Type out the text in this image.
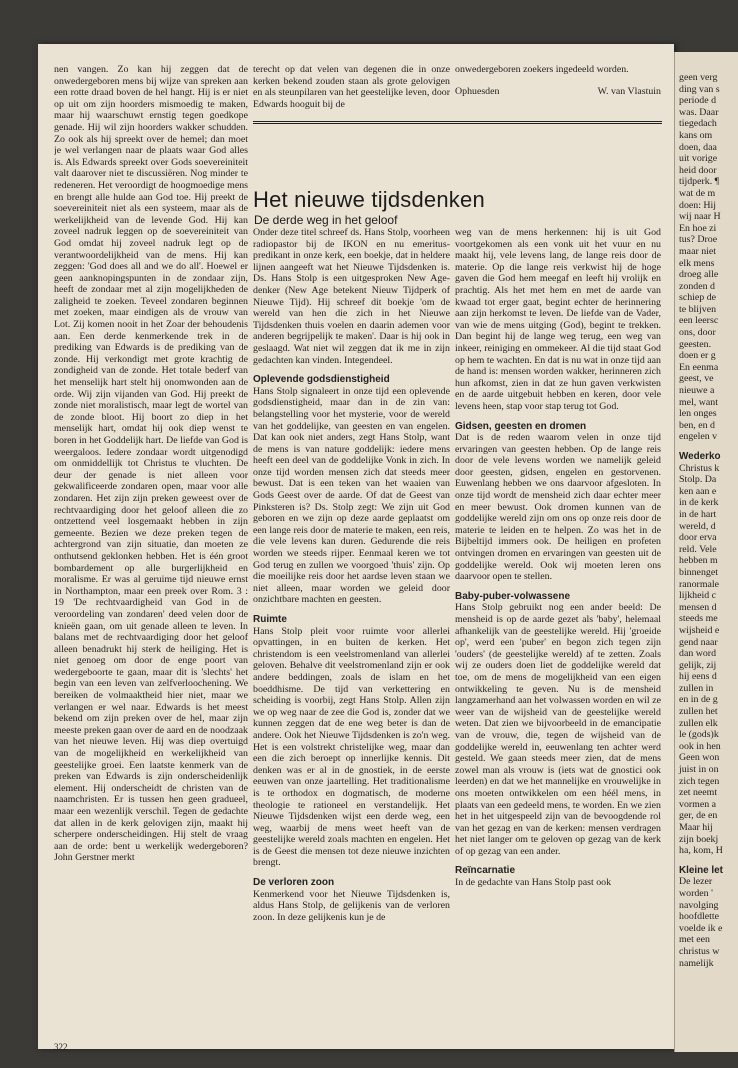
nen vangen. Zo kan hij zeggen dat de onwedergeboren mens bij wijze van spreken aan een rotte draad boven de hel hangt. Hij is er niet op uit om zijn hoorders mismoedig te maken, maar hij waarschuwt ernstig tegen goedkope genade. Hij wil zijn hoorders wakker schudden. Zo ook als hij spreekt over de hemel; dan moet je wel verlangen naar de plaats waar God alles is. Als Edwards spreekt over Gods soevereiniteit valt daarover niet te discussiëren. Nog minder te redeneren. Het veroordigt de hoogmoedige mens en brengt alle hulde aan God toe. Hij preekt de soevereiniteit niet als een systeem, maar als de werkelijkheid van de levende God. Hij kan zoveel nadruk leggen op de soevereiniteit van God omdat hij zoveel nadruk legt op de verantwoordelijkheid van de mens. Hij kan zeggen: 'God does all and we do all'. Hoewel er geen aanknopingspunten in de zondaar zijn, heeft de zondaar met al zijn mogelijkheden de zaligheid te zoeken. Teveel zondaren beginnen met zoeken, maar eindigen als de vrouw van Lot. Zij komen nooit in het Zoar der behoudenis aan. Een derde kenmerkende trek in de prediking van Edwards is de prediking van de zonde. Hij verkondigt met grote krachtig de zondigheid van de zonde. Het totale bederf van het menselijk hart stelt hij onomwonden aan de orde. Wij zijn vijanden van God. Hij preekt de zonde niet moralistisch, maar legt de wortel van de zonde bloot. Hij boort zo diep in het menselijk hart, omdat hij ook diep wenst te boren in het Goddelijk hart. De liefde van God is weergaloos. Iedere zondaar wordt uitgenodigd om onmiddellijk tot Christus te vluchten. De deur der genade is niet alleen voor gekwalificeerde zondaren open, maar voor alle zondaren. Het zijn zijn preken geweest over de rechtvaardiging door het geloof alleen die zo ontzettend veel losgemaakt hebben in zijn gemeente. Bezien we deze preken tegen de achtergrond van zijn situatie, dan moeten ze onthutsend geklonken hebben. Het is één groot bombardement op alle burgerlijkheid en moralisme. Er was al geruime tijd nieuwe ernst in Northampton, maar een preek over Rom. 3 : 19 'De rechtvaardigheid van God in de veroordeling van zondaren' deed velen door de knieën gaan, om uit genade alleen te leven. In balans met de rechtvaardiging door het geloof alleen benadrukt hij sterk de heiliging. Het is niet genoeg om door de enge poort van wedergeboorte te gaan, maar dit is 'slechts' het begin van een leven van zelfverloochening. We bereiken de volmaaktheid hier niet, maar we verlangen er wel naar. Edwards is het meest bekend om zijn preken over de hel, maar zijn meeste preken gaan over de aard en de noodzaak van het nieuwe leven. Hij was diep overtuigd van de mogelijkheid en werkelijkheid van geestelijke groei. Een laatste kenmerk van de preken van Edwards is zijn onderscheidenlijk element. Hij onderscheidt de christen van de naamchristen. Er is tussen hen geen gradueel, maar een wezenlijk verschil. Tegen de gedachte dat allen in de kerk gelovigen zijn, maakt hij scherpere onderscheidingen. Hij stelt de vraag aan de orde: bent u werkelijk wedergeboren? John Gerstner merkt

terecht op dat velen van degenen die in onze kerken bekend zouden staan als grote gelovigen en als steunpilaren van het geestelijke leven, door Edwards hooguit bij de

onwedergeboren zoekers ingedeeld worden.

Ophuesden	W. van Vlastuin

Het nieuwe tijdsdenken
De derde weg in het geloof

Onder deze titel schreef ds. Hans Stolp, voorheen radiopastor bij de IKON en nu emeritus-predikant in onze kerk, een boekje, dat in heldere lijnen aangeeft wat het Nieuwe Tijdsdenken is. Ds. Hans Stolp is een uitgesproken New Age-denker (New Age betekent Nieuw Tijdperk of Nieuwe Tijd). Hij schreef dit boekje 'om de wereld van hen die zich in het Nieuwe Tijdsdenken thuis voelen en daarin ademen voor anderen begrijpelijk te maken'. Daar is hij ook in geslaagd. Wat niet wil zeggen dat ik me in zijn gedachten kan vinden. Integendeel.

Oplevende godsdienstigheid

Hans Stolp signaleert in onze tijd een oplevende godsdienstigheid, maar dan in de zin van: belangstelling voor het mysterie, voor de wereld van het goddelijke, van geesten en van engelen. Dat kan ook niet anders, zegt Hans Stolp, want de mens is van nature goddelijk: iedere mens heeft een deel van de goddelijke Vonk in zich. In onze tijd worden mensen zich dat steeds meer bewust. Dat is een teken van het waaien van Gods Geest over de aarde. Of dat de Geest van Pinksteren is? Ds. Stolp zegt: We zijn uit God geboren en we zijn op deze aarde geplaatst om een lange reis door de materie te maken, een reis, die vele levens kan duren. Gedurende die reis worden we steeds rijper. Eenmaal keren we tot God terug en zullen we voorgoed 'thuis' zijn. Op die moeilijke reis door het aardse leven staan we niet alleen, maar worden we geleid door onzichtbare machten en geesten.

Ruimte

Hans Stolp pleit voor ruimte voor allerlei opvattingen, in en buiten de kerken. Het christendom is een veelstromenland van allerlei geloven. Behalve dit veelstromenland zijn er ook andere beddingen, zoals de islam en het boeddhisme. De tijd van verkettering en scheiding is voorbij, zegt Hans Stolp. Allen zijn we op weg naar de zee die God is, zonder dat we kunnen zeggen dat de ene weg beter is dan de andere. Ook het Nieuwe Tijdsdenken is zo'n weg. Het is een volstrekt christelijke weg, maar dan een die zich beroept op innerlijke kennis. Dit denken was er al in de gnostiek, in de eerste eeuwen van onze jaartelling. Het traditionalisme is te orthodox en dogmatisch, de moderne theologie te rationeel en verstandelijk. Het Nieuwe Tijdsdenken wijst een derde weg, een weg, waarbij de mens weet heeft van de geestelijke wereld zoals machten en engelen. Het is de Geest die mensen tot deze nieuwe inzichten brengt.

De verloren zoon

Kenmerkend voor het Nieuwe Tijdsdenken is, aldus Hans Stolp, de gelijkenis van de verloren zoon. In deze gelijkenis kun je de

weg van de mens herkennen: hij is uit God voortgekomen als een vonk uit het vuur en nu maakt hij, vele levens lang, de lange reis door de materie. Op die lange reis verkwist hij de hoge gaven die God hem meegaf en leeft hij vrolijk en prachtig. Als het met hem en met de aarde van kwaad tot erger gaat, begint echter de herinnering aan zijn herkomst te leven. De liefde van de Vader, van wie de mens uitging (God), begint te trekken. Dan begint hij de lange weg terug, een weg van inkeer, reiniging en ommekeer. Al die tijd staat God op hem te wachten. En dat is nu wat in onze tijd aan de hand is: mensen worden wakker, herinneren zich hun afkomst, zien in dat ze hun gaven verkwisten en de aarde uitgebuit hebben en keren, door vele levens heen, stap voor stap terug tot God.

Gidsen, geesten en dromen

Dat is de reden waarom velen in onze tijd ervaringen van geesten hebben. Op de lange reis door de vele levens worden we namelijk geleid door geesten, gidsen, engelen en gestorvenen. Euwenlang hebben we ons daarvoor afgesloten. In onze tijd wordt de mensheid zich daar echter meer en meer bewust. Ook dromen kunnen van de goddelijke wereld zijn om ons op onze reis door de materie te leiden en te helpen. Zo was het in de Bijbeltijd immers ook. De heiligen en profeten ontvingen dromen en ervaringen van geesten uit de goddelijke wereld. Ook wij moeten leren ons daarvoor open te stellen.

Baby-puber-volwassene

Hans Stolp gebruikt nog een ander beeld: De mensheid is op de aarde gezet als 'baby', helemaal afhankelijk van de geestelijke wereld. Hij 'groeide op', werd een 'puber' en begon zich tegen zijn 'ouders' (de geestelijke wereld) af te zetten. Zoals wij ze ouders doen liet de goddelijke wereld dat toe, om de mens de mogelijkheid van een eigen ontwikkeling te geven. Nu is de mensheid langzamerhand aan het volwassen worden en wil ze weer van de wijsheid van de geestelijke wereld weten. Dat zien we bijvoorbeeld in de emancipatie van de vrouw, die, tegen de wijsheid van de goddelijke wereld in, eeuwenlang ten achter werd gesteld. We gaan steeds meer zien, dat de mens zowel man als vrouw is (iets wat de gnostici ook leerden) en dat we het mannelijke en vrouwelijke in ons moeten ontwikkelen om een héél mens, in plaats van een gedeeld mens, te worden. En we zien het in het uitgespeeld zijn van de bevoogdende rol van het gezag en van de kerken: mensen verdragen het niet langer om te geloven op gezag van de kerk of op gezag van een ander.

Reïncarnatie

In de gedachte van Hans Stolp past ook

322

geen verg

ding van s

periode d

was. Daar

tiegedach

kans om

doen, daa

uit vorige

heid door

tijdperk. ¶

wat de m

doen: Hij

wij naar H

En hoe zi

tus? Droe

maar niet

elk mens

droeg alle

zonden d

schiep de

te blijven

een leersc

ons, door

geesten.

doen er g

En eenma

geest, ve

nieuwe a

mel, want

len onges

ben, en d

engelen v

Wederko

Christus k

Stolp. Da

ken aan e

in de kerk

in de hart

wereld, d

door erva

reld. Vele

hebben m

binnenget

ranormale

lijkheid c

mensen d

steeds me

wijsheid e

gend naar

dan word

gelijk, zij

hij eens d

zullen in

en in de g

zullen het

zullen elk

le (gods)k

ook in hen

Geen won

juist in on

zich tegen

zet neemt

vormen a

ger, de en

Maar hij

zijn boekj

ha, kom, H

Kleine let

De lezer

worden '

navolging

hoofdlette

voelde ik e

met een

christus w

namelijk
